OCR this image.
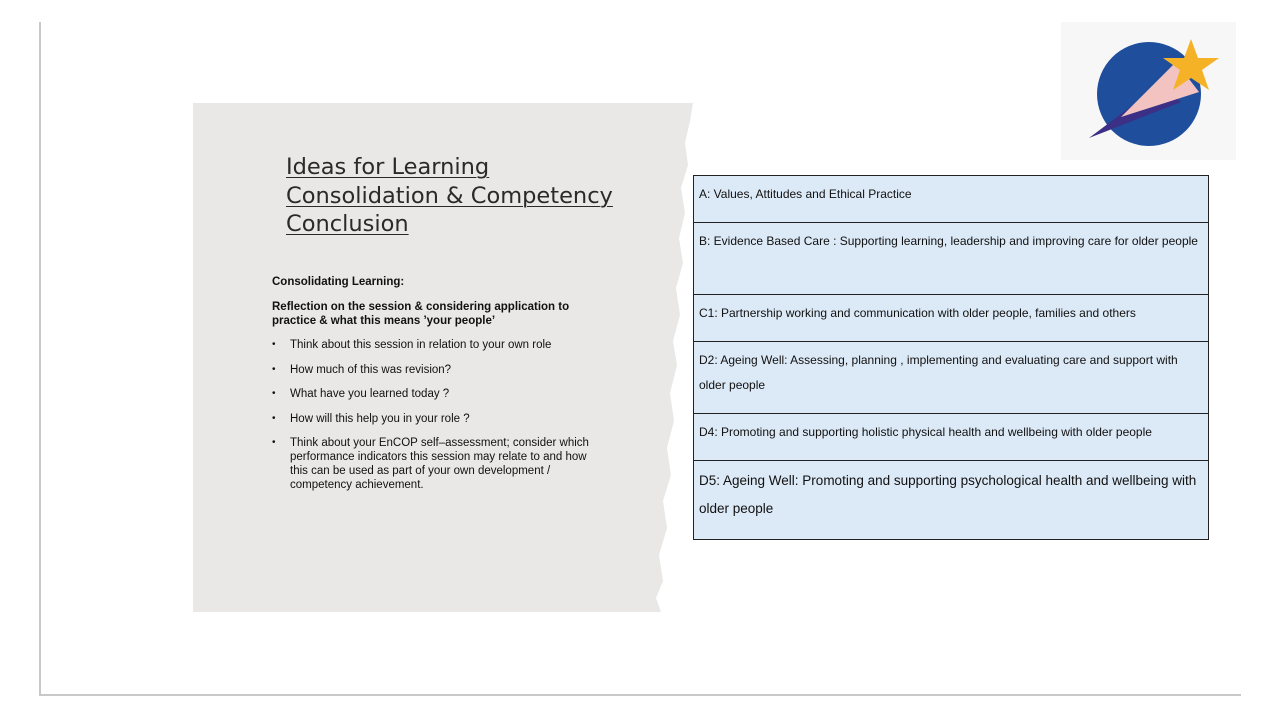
Ideas for Learning
Consolidation & Competency
Conclusion
Consolidating Learning:
Reflection on the session & considering application to practice & what this means ’your people’
• Think about this session in relation to your own role
• How much of this was revision?
• What have you learned today ?
• How will this help you in your role ?
• Think about your EnCOP self–assessment; consider which performance indicators this session may relate to and how this can be used as part of your own development / competency achievement.
A: Values, Attitudes and Ethical Practice
B: Evidence Based Care : Supporting learning, leadership and improving care for older people
C1: Partnership working and communication with older people, families and others
D2: Ageing Well: Assessing, planning , implementing and evaluating care and support with older people
D4: Promoting and supporting holistic physical health and wellbeing with older people
D5: Ageing Well: Promoting and supporting psychological health and wellbeing with older people
